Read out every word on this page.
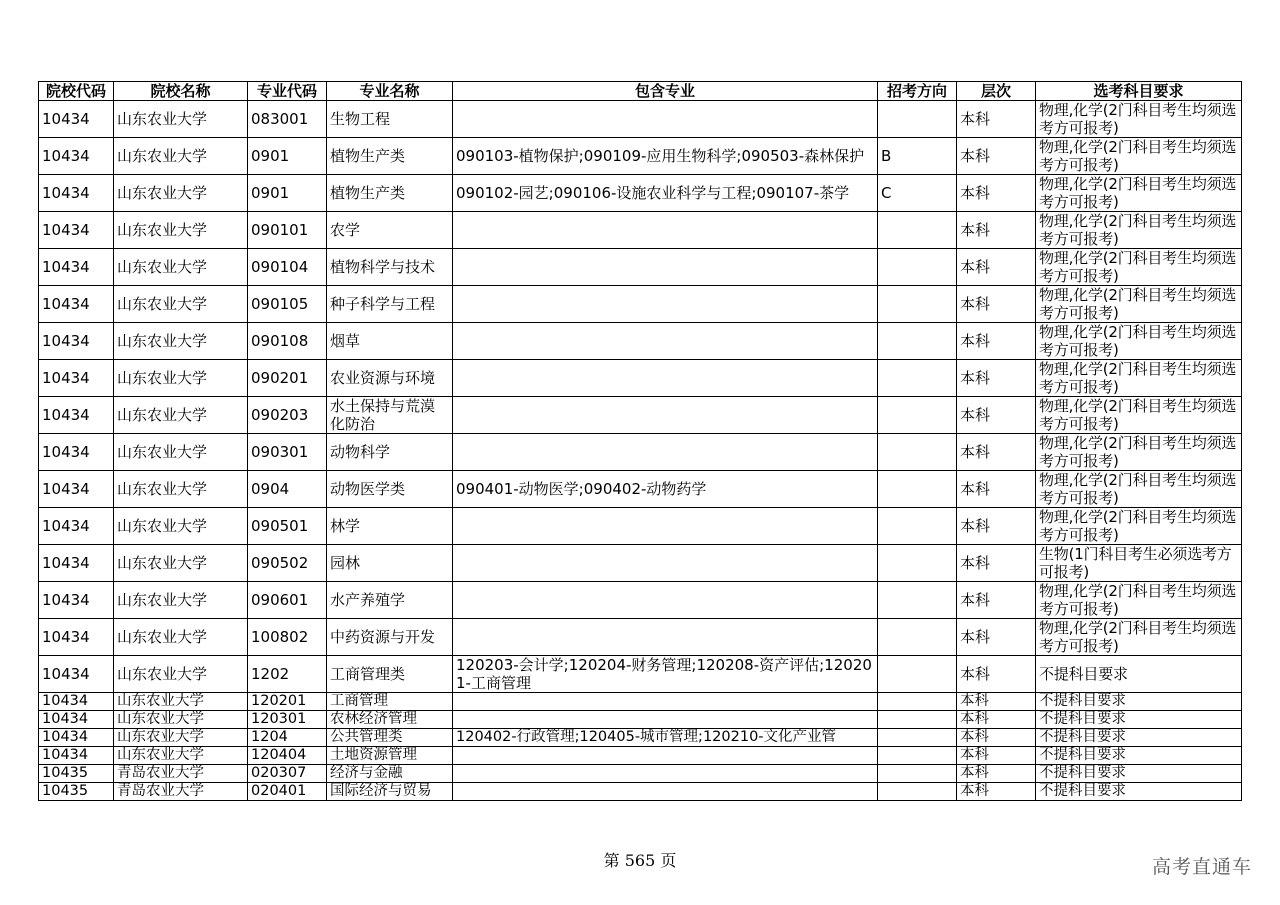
院校代码	院校名称	专业代码	专业名称	包含专业	招考方向	层次	选考科目要求
10434	山东农业大学	083001	生物工程			本科	物理,化学(2门科目考生均须选考方可报考)
10434	山东农业大学	0901	植物生产类	090103-植物保护;090109-应用生物科学;090503-森林保护	B	本科	物理,化学(2门科目考生均须选考方可报考)
10434	山东农业大学	0901	植物生产类	090102-园艺;090106-设施农业科学与工程;090107-茶学	C	本科	物理,化学(2门科目考生均须选考方可报考)
10434	山东农业大学	090101	农学			本科	物理,化学(2门科目考生均须选考方可报考)
10434	山东农业大学	090104	植物科学与技术			本科	物理,化学(2门科目考生均须选考方可报考)
10434	山东农业大学	090105	种子科学与工程			本科	物理,化学(2门科目考生均须选考方可报考)
10434	山东农业大学	090108	烟草			本科	物理,化学(2门科目考生均须选考方可报考)
10434	山东农业大学	090201	农业资源与环境			本科	物理,化学(2门科目考生均须选考方可报考)
10434	山东农业大学	090203	水土保持与荒漠化防治			本科	物理,化学(2门科目考生均须选考方可报考)
10434	山东农业大学	090301	动物科学			本科	物理,化学(2门科目考生均须选考方可报考)
10434	山东农业大学	0904	动物医学类	090401-动物医学;090402-动物药学		本科	物理,化学(2门科目考生均须选考方可报考)
10434	山东农业大学	090501	林学			本科	物理,化学(2门科目考生均须选考方可报考)
10434	山东农业大学	090502	园林			本科	生物(1门科目考生必须选考方可报考)
10434	山东农业大学	090601	水产养殖学			本科	物理,化学(2门科目考生均须选考方可报考)
10434	山东农业大学	100802	中药资源与开发			本科	物理,化学(2门科目考生均须选考方可报考)
10434	山东农业大学	1202	工商管理类	120203-会计学;120204-财务管理;120208-资产评估;120201-工商管理		本科	不提科目要求
10434	山东农业大学	120201	工商管理			本科	不提科目要求
10434	山东农业大学	120301	农林经济管理			本科	不提科目要求
10434	山东农业大学	1204	公共管理类	120402-行政管理;120405-城市管理;120210-文化产业管		本科	不提科目要求
10434	山东农业大学	120404	土地资源管理			本科	不提科目要求
10435	青岛农业大学	020307	经济与金融			本科	不提科目要求
10435	青岛农业大学	020401	国际经济与贸易			本科	不提科目要求
第 565 页	高考直通车
